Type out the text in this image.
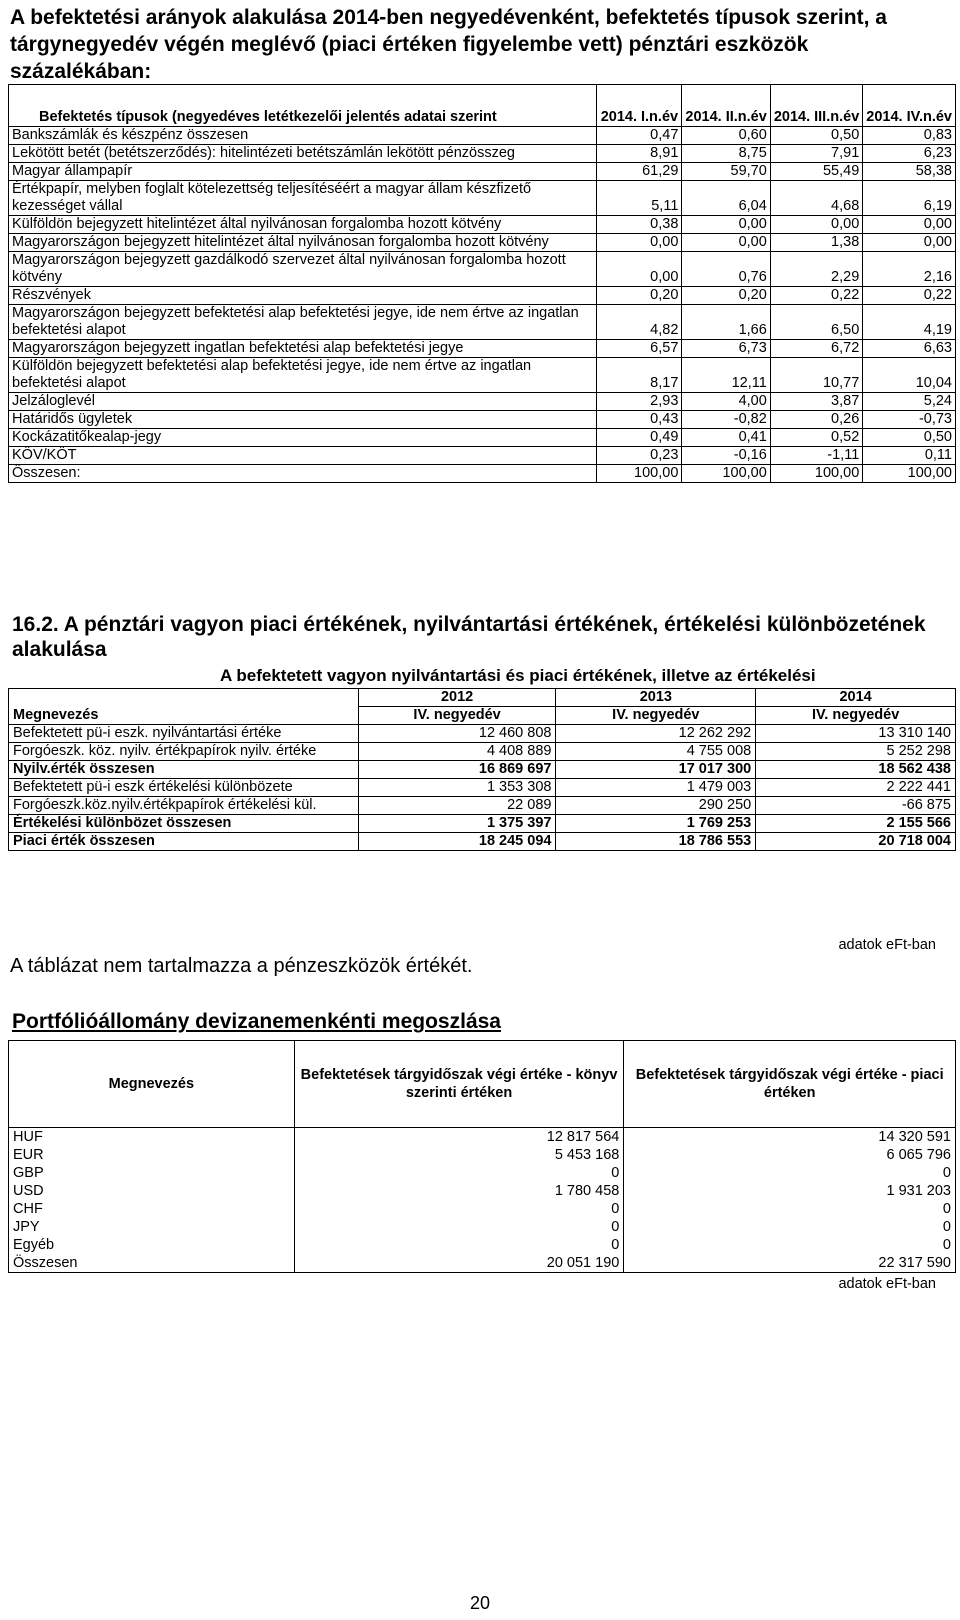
A befektetési arányok alakulása 2014-ben negyedévenként, befektetés típusok szerint, a tárgynegyedév végén meglévő (piaci értéken figyelembe vett) pénztári eszközök százalékában:
Befektetés típusok (negyedéves letétkezelői jelentés adatai szerint	2014. I.n.év	2014. II.n.év	2014. III.n.év	2014. IV.n.év
Bankszámlák és készpénz összesen	0,47	0,60	0,50	0,83
Lekötött betét (betétszerződés): hitelintézeti betétszámlán lekötött pénzösszeg	8,91	8,75	7,91	6,23
Magyar állampapír	61,29	59,70	55,49	58,38
Értékpapír, melyben foglalt kötelezettség teljesítéséért a magyar állam készfizető kezességet vállal	5,11	6,04	4,68	6,19
Külföldön bejegyzett hitelintézet által nyilvánosan forgalomba hozott kötvény	0,38	0,00	0,00	0,00
Magyarországon bejegyzett hitelintézet által nyilvánosan forgalomba hozott kötvény	0,00	0,00	1,38	0,00
Magyarországon bejegyzett gazdálkodó szervezet által nyilvánosan forgalomba hozott kötvény	0,00	0,76	2,29	2,16
Részvények	0,20	0,20	0,22	0,22
Magyarországon bejegyzett befektetési alap befektetési jegye, ide nem értve az ingatlan befektetési alapot	4,82	1,66	6,50	4,19
Magyarországon bejegyzett ingatlan befektetési alap befektetési jegye	6,57	6,73	6,72	6,63
Külföldön bejegyzett befektetési alap befektetési jegye, ide nem értve az ingatlan befektetési alapot	8,17	12,11	10,77	10,04
Jelzáloglevél	2,93	4,00	3,87	5,24
Határidős ügyletek	0,43	-0,82	0,26	-0,73
Kockázatitőkealap-jegy	0,49	0,41	0,52	0,50
KÖV/KÖT	0,23	-0,16	-1,11	0,11
Összesen:	100,00	100,00	100,00	100,00
16.2. A pénztári vagyon piaci értékének, nyilvántartási értékének, értékelési különbözetének alakulása
A befektetett vagyon nyilvántartási és piaci értékének, illetve az értékelési
Megnevezés	2012	2013	2014
	IV. negyedév	IV. negyedév	IV. negyedév
Befektetett pü-i eszk. nyilvántartási értéke	12 460 808	12 262 292	13 310 140
Forgóeszk. köz. nyilv. értékpapírok nyilv. értéke	4 408 889	4 755 008	5 252 298
Nyilv.érték összesen	16 869 697	17 017 300	18 562 438
Befektetett pü-i eszk értékelési különbözete	1 353 308	1 479 003	2 222 441
Forgóeszk.köz.nyilv.értékpapírok értékelési kül.	22 089	290 250	-66 875
Értékelési különbözet összesen	1 375 397	1 769 253	2 155 566
Piaci érték összesen	18 245 094	18 786 553	20 718 004
adatok eFt-ban
A táblázat nem tartalmazza a pénzeszközök értékét.
Portfólióállomány devizanemenkénti megoszlása
Megnevezés	Befektetések tárgyidőszak végi értéke - könyv szerinti értéken	Befektetések tárgyidőszak végi értéke - piaci értéken
HUF	12 817 564	14 320 591
EUR	5 453 168	6 065 796
GBP	0	0
USD	1 780 458	1 931 203
CHF	0	0
JPY	0	0
Egyéb	0	0
Összesen	20 051 190	22 317 590
adatok eFt-ban
20
